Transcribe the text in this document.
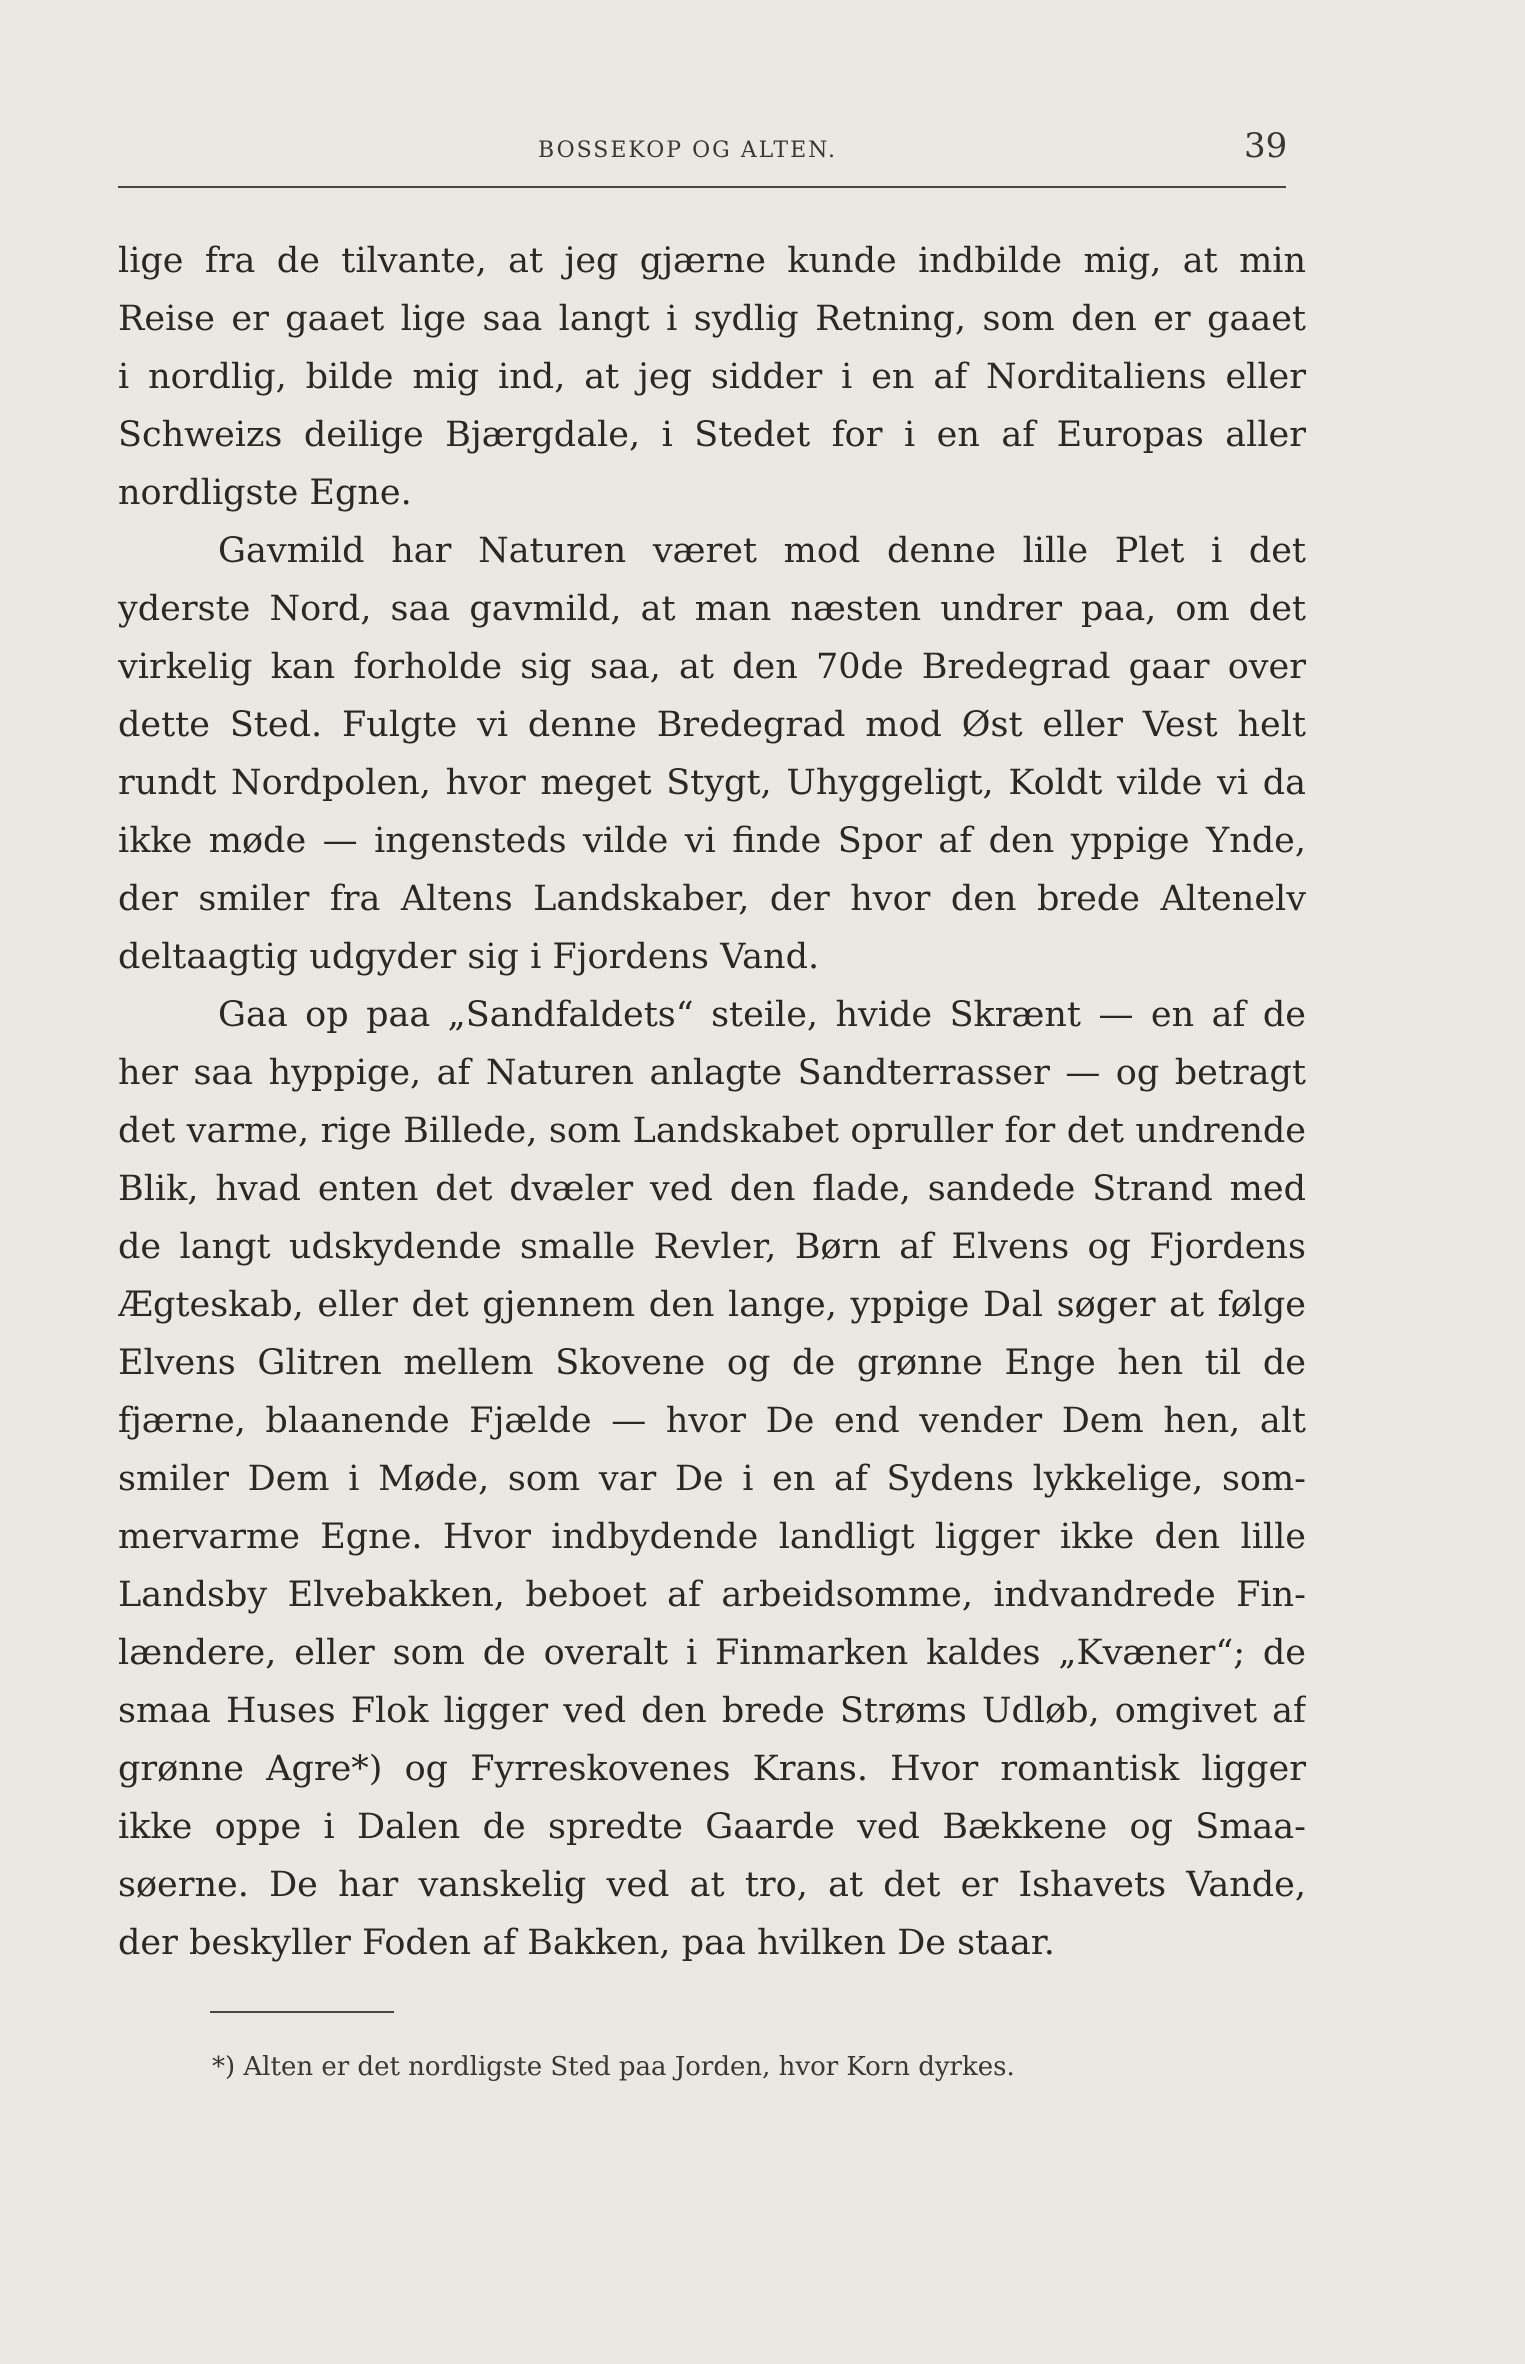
BOSSEKOP OG ALTEN.	39
lige fra de tilvante, at jeg gjærne kunde indbilde mig, at min
Reise er gaaet lige saa langt i sydlig Retning, som den er gaaet
i nordlig, bilde mig ind, at jeg sidder i en af Norditaliens eller
Schweizs deilige Bjærgdale, i Stedet for i en af Europas aller
nordligste Egne.
Gavmild har Naturen været mod denne lille Plet i det
yderste Nord, saa gavmild, at man næsten undrer paa, om det
virkelig kan forholde sig saa, at den 70de Bredegrad gaar over
dette Sted. Fulgte vi denne Bredegrad mod Øst eller Vest helt
rundt Nordpolen, hvor meget Stygt, Uhyggeligt, Koldt vilde vi da
ikke møde — ingensteds vilde vi finde Spor af den yppige Ynde,
der smiler fra Altens Landskaber, der hvor den brede Altenelv
deltaagtig udgyder sig i Fjordens Vand.
Gaa op paa „Sandfaldets“ steile, hvide Skrænt — en af de
her saa hyppige, af Naturen anlagte Sandterrasser — og betragt
det varme, rige Billede, som Landskabet opruller for det undrende
Blik, hvad enten det dvæler ved den flade, sandede Strand med
de langt udskydende smalle Revler, Børn af Elvens og Fjordens
Ægteskab, eller det gjennem den lange, yppige Dal søger at følge
Elvens Glitren mellem Skovene og de grønne Enge hen til de
fjærne, blaanende Fjælde — hvor De end vender Dem hen, alt
smiler Dem i Møde, som var De i en af Sydens lykkelige, som-
mervarme Egne. Hvor indbydende landligt ligger ikke den lille
Landsby Elvebakken, beboet af arbeidsomme, indvandrede Fin-
lændere, eller som de overalt i Finmarken kaldes „Kvæner“; de
smaa Huses Flok ligger ved den brede Strøms Udløb, omgivet af
grønne Agre*) og Fyrreskovenes Krans. Hvor romantisk ligger
ikke oppe i Dalen de spredte Gaarde ved Bækkene og Smaa-
søerne. De har vanskelig ved at tro, at det er Ishavets Vande,
der beskyller Foden af Bakken, paa hvilken De staar.
*) Alten er det nordligste Sted paa Jorden, hvor Korn dyrkes.
